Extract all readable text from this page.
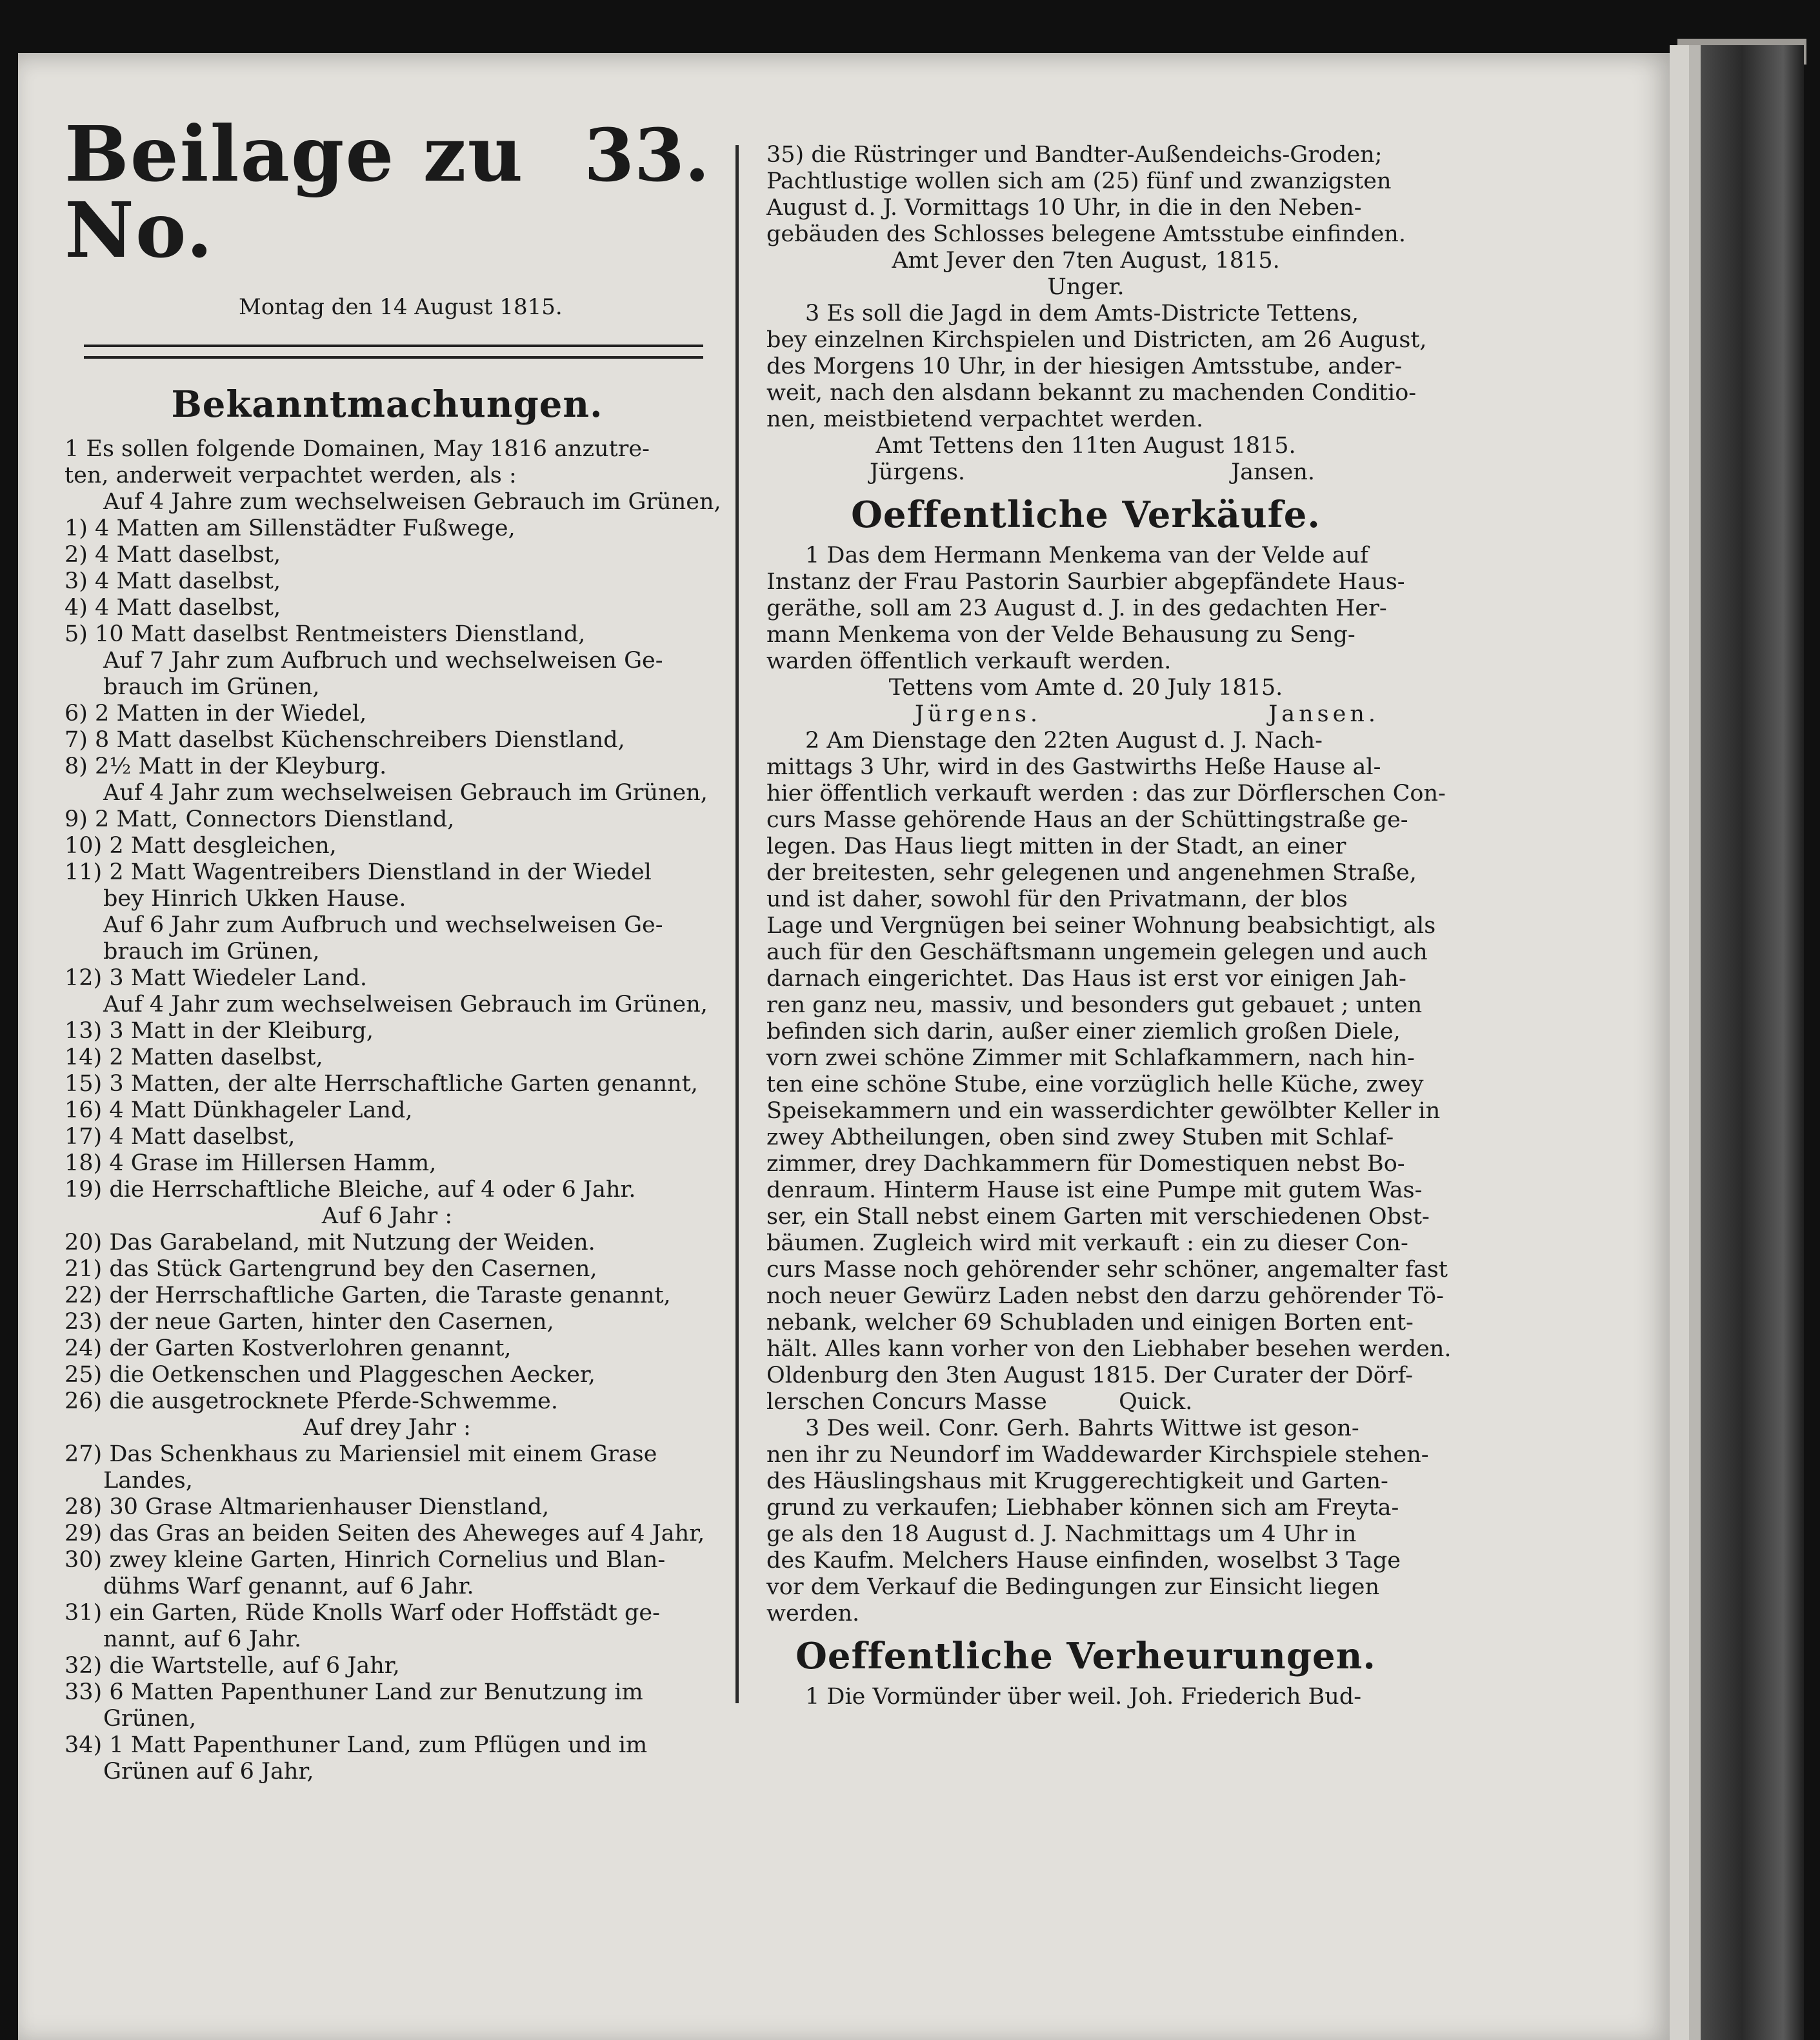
Beilage zu No.
33.
Montag den 14 August 1815.
Bekanntmachungen.
1 Es sollen folgende Domainen, May 1816 anzutre-
ten, anderweit verpachtet werden, als :
Auf 4 Jahre zum wechselweisen Gebrauch im Grünen,
1) 4 Matten am Sillenstädter Fußwege,
2) 4 Matt daselbst,
3) 4 Matt daselbst,
4) 4 Matt daselbst,
5) 10 Matt daselbst Rentmeisters Dienstland,
Auf 7 Jahr zum Aufbruch und wechselweisen Ge-
brauch im Grünen,
6) 2 Matten in der Wiedel,
7) 8 Matt daselbst Küchenschreibers Dienstland,
8) 2½ Matt in der Kleyburg.
Auf 4 Jahr zum wechselweisen Gebrauch im Grünen,
9) 2 Matt, Connectors Dienstland,
10) 2 Matt desgleichen,
11) 2 Matt Wagentreibers Dienstland in der Wiedel
bey Hinrich Ukken Hause.
Auf 6 Jahr zum Aufbruch und wechselweisen Ge-
brauch im Grünen,
12) 3 Matt Wiedeler Land.
Auf 4 Jahr zum wechselweisen Gebrauch im Grünen,
13) 3 Matt in der Kleiburg,
14) 2 Matten daselbst,
15) 3 Matten, der alte Herrschaftliche Garten genannt,
16) 4 Matt Dünkhageler Land,
17) 4 Matt daselbst,
18) 4 Grase im Hillersen Hamm,
19) die Herrschaftliche Bleiche, auf 4 oder 6 Jahr.
Auf 6 Jahr :
20) Das Garabeland, mit Nutzung der Weiden.
21) das Stück Gartengrund bey den Casernen,
22) der Herrschaftliche Garten, die Taraste genannt,
23) der neue Garten, hinter den Casernen,
24) der Garten Kostverlohren genannt,
25) die Oetkenschen und Plaggeschen Aecker,
26) die ausgetrocknete Pferde-Schwemme.
Auf drey Jahr :
27) Das Schenkhaus zu Mariensiel mit einem Grase
Landes,
28) 30 Grase Altmarienhauser Dienstland,
29) das Gras an beiden Seiten des Aheweges auf 4 Jahr,
30) zwey kleine Garten, Hinrich Cornelius und Blan-
dühms Warf genannt, auf 6 Jahr.
31) ein Garten, Rüde Knolls Warf oder Hoffstädt ge-
nannt, auf 6 Jahr.
32) die Wartstelle, auf 6 Jahr,
33) 6 Matten Papenthuner Land zur Benutzung im
Grünen,
34) 1 Matt Papenthuner Land, zum Pflügen und im
Grünen auf 6 Jahr,
35) die Rüstringer und Bandter-Außendeichs-Groden;
Pachtlustige wollen sich am (25) fünf und zwanzigsten
August d. J. Vormittags 10 Uhr, in die in den Neben-
gebäuden des Schlosses belegene Amtsstube einfinden.
Amt Jever den 7ten August, 1815.
Unger.
3 Es soll die Jagd in dem Amts-Districte Tettens,
bey einzelnen Kirchspielen und Districten, am 26 August,
des Morgens 10 Uhr, in der hiesigen Amtsstube, ander-
weit, nach den alsdann bekannt zu machenden Conditio-
nen, meistbietend verpachtet werden.
Amt Tettens den 11ten August 1815.
Jürgens.	Jansen.
Oeffentliche Verkäufe.
1 Das dem Hermann Menkema van der Velde auf
Instanz der Frau Pastorin Saurbier abgepfändete Haus-
geräthe, soll am 23 August d. J. in des gedachten Her-
mann Menkema von der Velde Behausung zu Seng-
warden öffentlich verkauft werden.
Tettens vom Amte d. 20 July 1815.
Jürgens.	Jansen.
2 Am Dienstage den 22ten August d. J. Nach-
mittags 3 Uhr, wird in des Gastwirths Heße Hause al-
hier öffentlich verkauft werden : das zur Dörflerschen Con-
curs Masse gehörende Haus an der Schüttingstraße ge-
legen. Das Haus liegt mitten in der Stadt, an einer
der breitesten, sehr gelegenen und angenehmen Straße,
und ist daher, sowohl für den Privatmann, der blos
Lage und Vergnügen bei seiner Wohnung beabsichtigt, als
auch für den Geschäftsmann ungemein gelegen und auch
darnach eingerichtet. Das Haus ist erst vor einigen Jah-
ren ganz neu, massiv, und besonders gut gebauet ; unten
befinden sich darin, außer einer ziemlich großen Diele,
vorn zwei schöne Zimmer mit Schlafkammern, nach hin-
ten eine schöne Stube, eine vorzüglich helle Küche, zwey
Speisekammern und ein wasserdichter gewölbter Keller in
zwey Abtheilungen, oben sind zwey Stuben mit Schlaf-
zimmer, drey Dachkammern für Domestiquen nebst Bo-
denraum. Hinterm Hause ist eine Pumpe mit gutem Was-
ser, ein Stall nebst einem Garten mit verschiedenen Obst-
bäumen. Zugleich wird mit verkauft : ein zu dieser Con-
curs Masse noch gehörender sehr schöner, angemalter fast
noch neuer Gewürz Laden nebst den darzu gehörender Tö-
nebank, welcher 69 Schubladen und einigen Borten ent-
hält. Alles kann vorher von den Liebhaber besehen werden.
Oldenburg den 3ten August 1815. Der Curater der Dörf-
lerschen Concurs Masse          Quick.
3 Des weil. Conr. Gerh. Bahrts Wittwe ist geson-
nen ihr zu Neundorf im Waddewarder Kirchspiele stehen-
des Häuslingshaus mit Kruggerechtigkeit und Garten-
grund zu verkaufen; Liebhaber können sich am Freyta-
ge als den 18 August d. J. Nachmittags um 4 Uhr in
des Kaufm. Melchers Hause einfinden, woselbst 3 Tage
vor dem Verkauf die Bedingungen zur Einsicht liegen
werden.
Oeffentliche Verheurungen.
1 Die Vormünder über weil. Joh. Friederich Bud-
